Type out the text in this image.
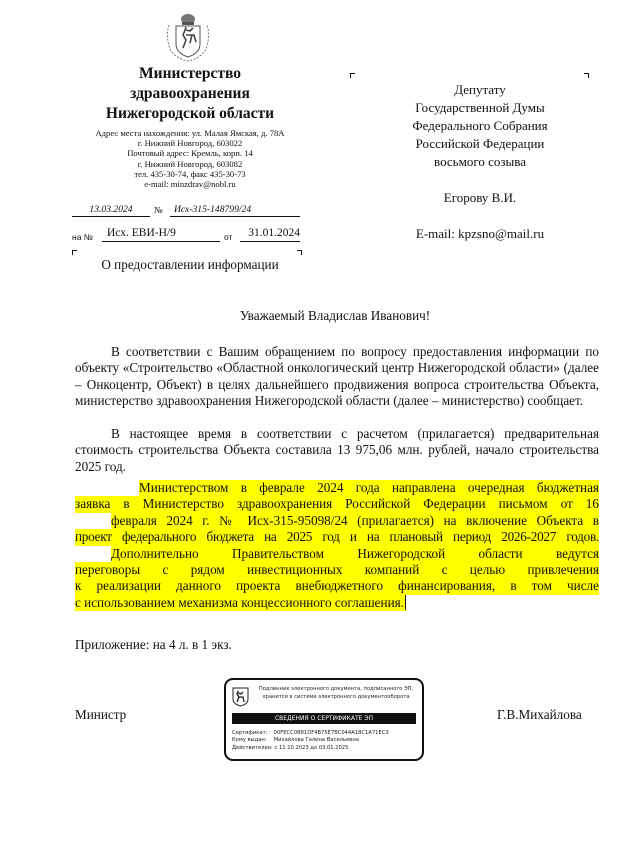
Министерство
здравоохранения
Нижегородской области
Адрес места нахождения: ул. Малая Ямская, д. 78А
г. Нижний Новгород, 603022
Почтовый адрес: Кремль, корп. 14
г. Нижний Новгород, 603082
тел. 435-30-74, факс 435-30-73
e-mail: minzdrav@nobl.ru
13.03.2024	№	Исх-315-148799/24
на №	Исх. ЕВИ-Н/9	от	31.01.2024
О предоставлении информации
Депутату
Государственной Думы
Федерального Собрания
Российской Федерации
восьмого созыва
Егорову В.И.
E-mail: kpzsno@mail.ru
Уважаемый Владислав Иванович!

В соответствии с Вашим обращением по вопросу предоставления информации по объекту «Строительство «Областной онкологический центр Нижегородской области» (далее – Онкоцентр, Объект) в целях дальнейшего продвижения вопроса строительства Объекта, министерство здравоохранения Нижегородской области (далее – министерство) сообщает.

В настоящее время в соответствии с расчетом (прилагается) предварительная стоимость строительства Объекта составила 13 975,06 млн. рублей, начало строительства 2025 год.

Министерством в феврале 2024 года направлена очередная бюджетная
заявка в Министерство здравоохранения Российской Федерации письмом от 16
февраля 2024 г. № Исх-315-95098/24 (прилагается) на включение Объекта в
проект федерального бюджета на 2025 год и на плановый период 2026-2027 годов.
Дополнительно Правительством Нижегородской области ведутся
переговоры с рядом инвестиционных компаний с целью привлечения
к реализации данного проекта внебюджетного финансирования, в том числе
с использованием механизма концессионного соглашения.
Приложение: на 4 л. в 1 экз.
Министр	Г.В.Михайлова
Подлинник электронного документа, подписанного ЭП,
хранится в системе электронного документооборота
СВЕДЕНИЯ О СЕРТИФИКАТЕ ЭП
Сертификат: 00FECC0B81DF4B75E7BC044A18C1A71EC3
Кому выдан: Михайлова Галина Васильевна
Действителен: с 11.10.2023 до 03.01.2025
